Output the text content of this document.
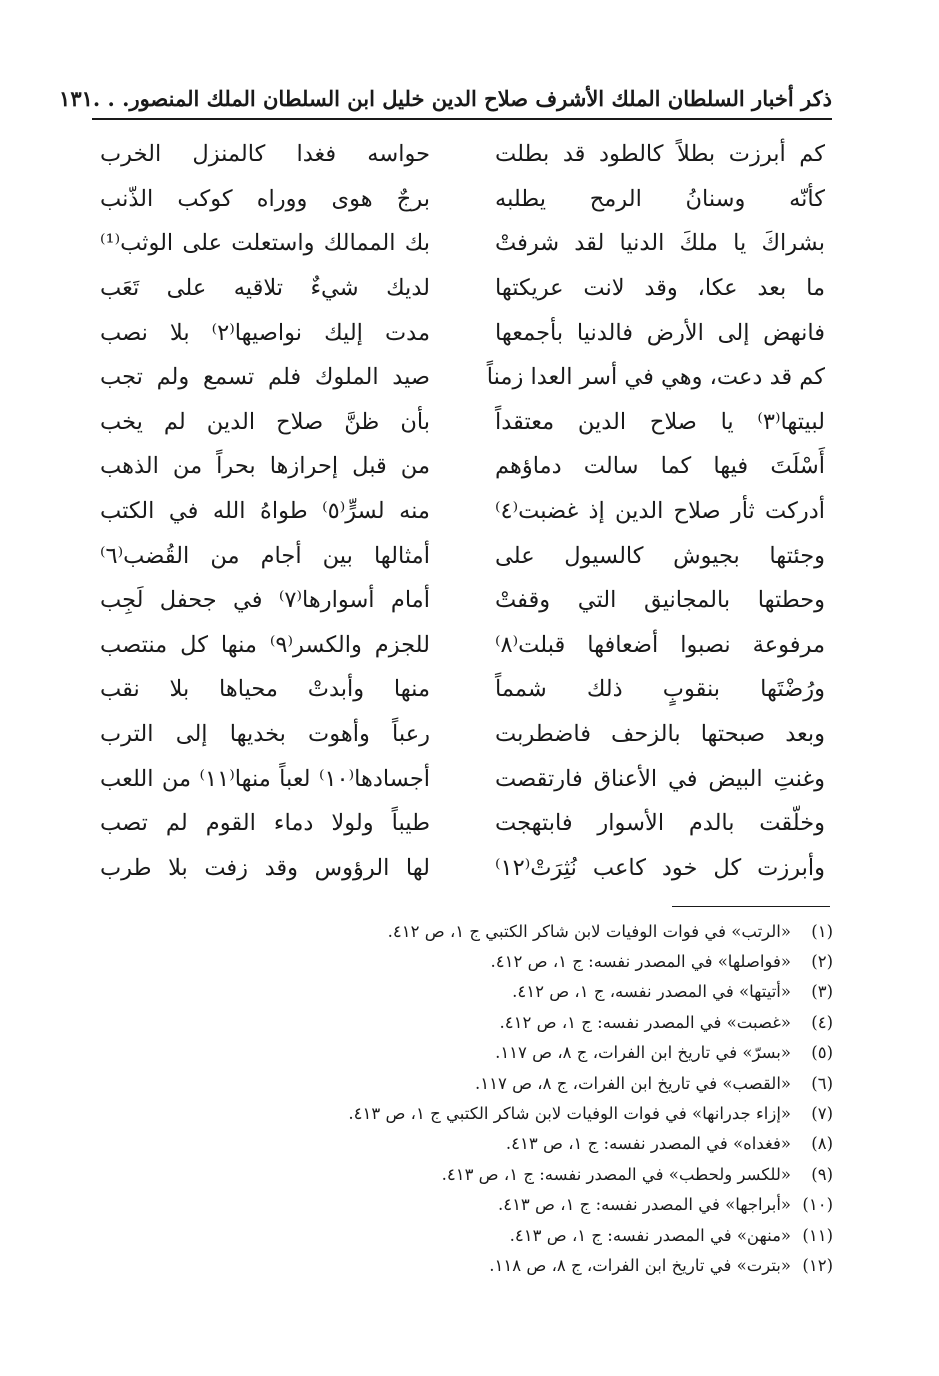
ذكر أخبار السلطان الملك الأشرف صلاح الدين خليل ابن السلطان الملك المنصور. . .
١٣١
كم أبرزت بطلاً كالطود قد بطلت
حواسه فغدا كالمنزل الخرب
كأنّه وسنانُ الرمح يطلبه
برجٌ هوى ووراه كوكب الذّنب
بشراكَ يا ملكَ الدنيا لقد شرفتْ
بك الممالك واستعلت على الوثب⁽¹⁾
ما بعد عكا، وقد لانت عريكتها
لديك شيءٌ تلاقيه على تَعَب
فانهض إلى الأرض فالدنيا بأجمعها
مدت إليك نواصيها⁽٢⁾ بلا نصب
كم قد دعت، وهي في أسر العدا زمناً
صيد الملوك فلم تسمع ولم تجب
لبيتها⁽٣⁾ يا صلاح الدين معتقداً
بأن ظنَّ صلاح الدين لم يخب
أَسْلَتَ فيها كما سالت دماؤهم
من قبل إحرازها بحراً من الذهب
أدركت ثأر صلاح الدين إذ غضبت⁽٤⁾
منه لسرٍّ⁽٥⁾ طواهُ الله في الكتب
وجئتها بجيوش كالسيول على
أمثالها بين أجام من القُضب⁽٦⁾
وحطتها بالمجانيق التي وقفتْ
أمام أسوارها⁽٧⁾ في جحفل لَجِب
مرفوعة نصبوا أضعافها قبلت⁽٨⁾
للجزم والكسر⁽٩⁾ منها كل منتصب
ورُضْتَها بنقوبٍ ذلك شمماً
منها وأبدتْ محياها بلا نقب
وبعد صبحتها بالزحف فاضطربت
رعباً وأهوت بخديها إلى الترب
وغنتِ البيض في الأعناق فارتقصت
أجسادها⁽١٠⁾ لعباً منها⁽١١⁾ من اللعب
وخلّقت بالدم الأسوار فابتهجت
طيباً ولولا دماء القوم لم تصب
وأبرزت كل خود كاعب نُثِرَتْ⁽١٢⁾
لها الرؤوس وقد زفت بلا طرب
(١)
«الرتب» في فوات الوفيات لابن شاكر الكتبي ج ١، ص ٤١٢.
(٢)
«فواصلها» في المصدر نفسه: ج ١، ص ٤١٢.
(٣)
«أتيتها» في المصدر نفسه، ج ١، ص ٤١٢.
(٤)
«غصبت» في المصدر نفسه: ج ١، ص ٤١٢.
(٥)
«بسرّ» في تاريخ ابن الفرات، ج ٨، ص ١١٧.
(٦)
«القصب» في تاريخ ابن الفرات، ج ٨، ص ١١٧.
(٧)
«إزاء جدرانها» في فوات الوفيات لابن شاكر الكتبي ج ١، ص ٤١٣.
(٨)
«فغداه» في المصدر نفسه: ج ١، ص ٤١٣.
(٩)
«للكسر ولحطب» في المصدر نفسه: ج ١، ص ٤١٣.
(١٠)
«أبراجها» في المصدر نفسه: ج ١، ص ٤١٣.
(١١)
«منهن» في المصدر نفسه: ج ١، ص ٤١٣.
(١٢)
«بترت» في تاريخ ابن الفرات، ج ٨، ص ١١٨.
